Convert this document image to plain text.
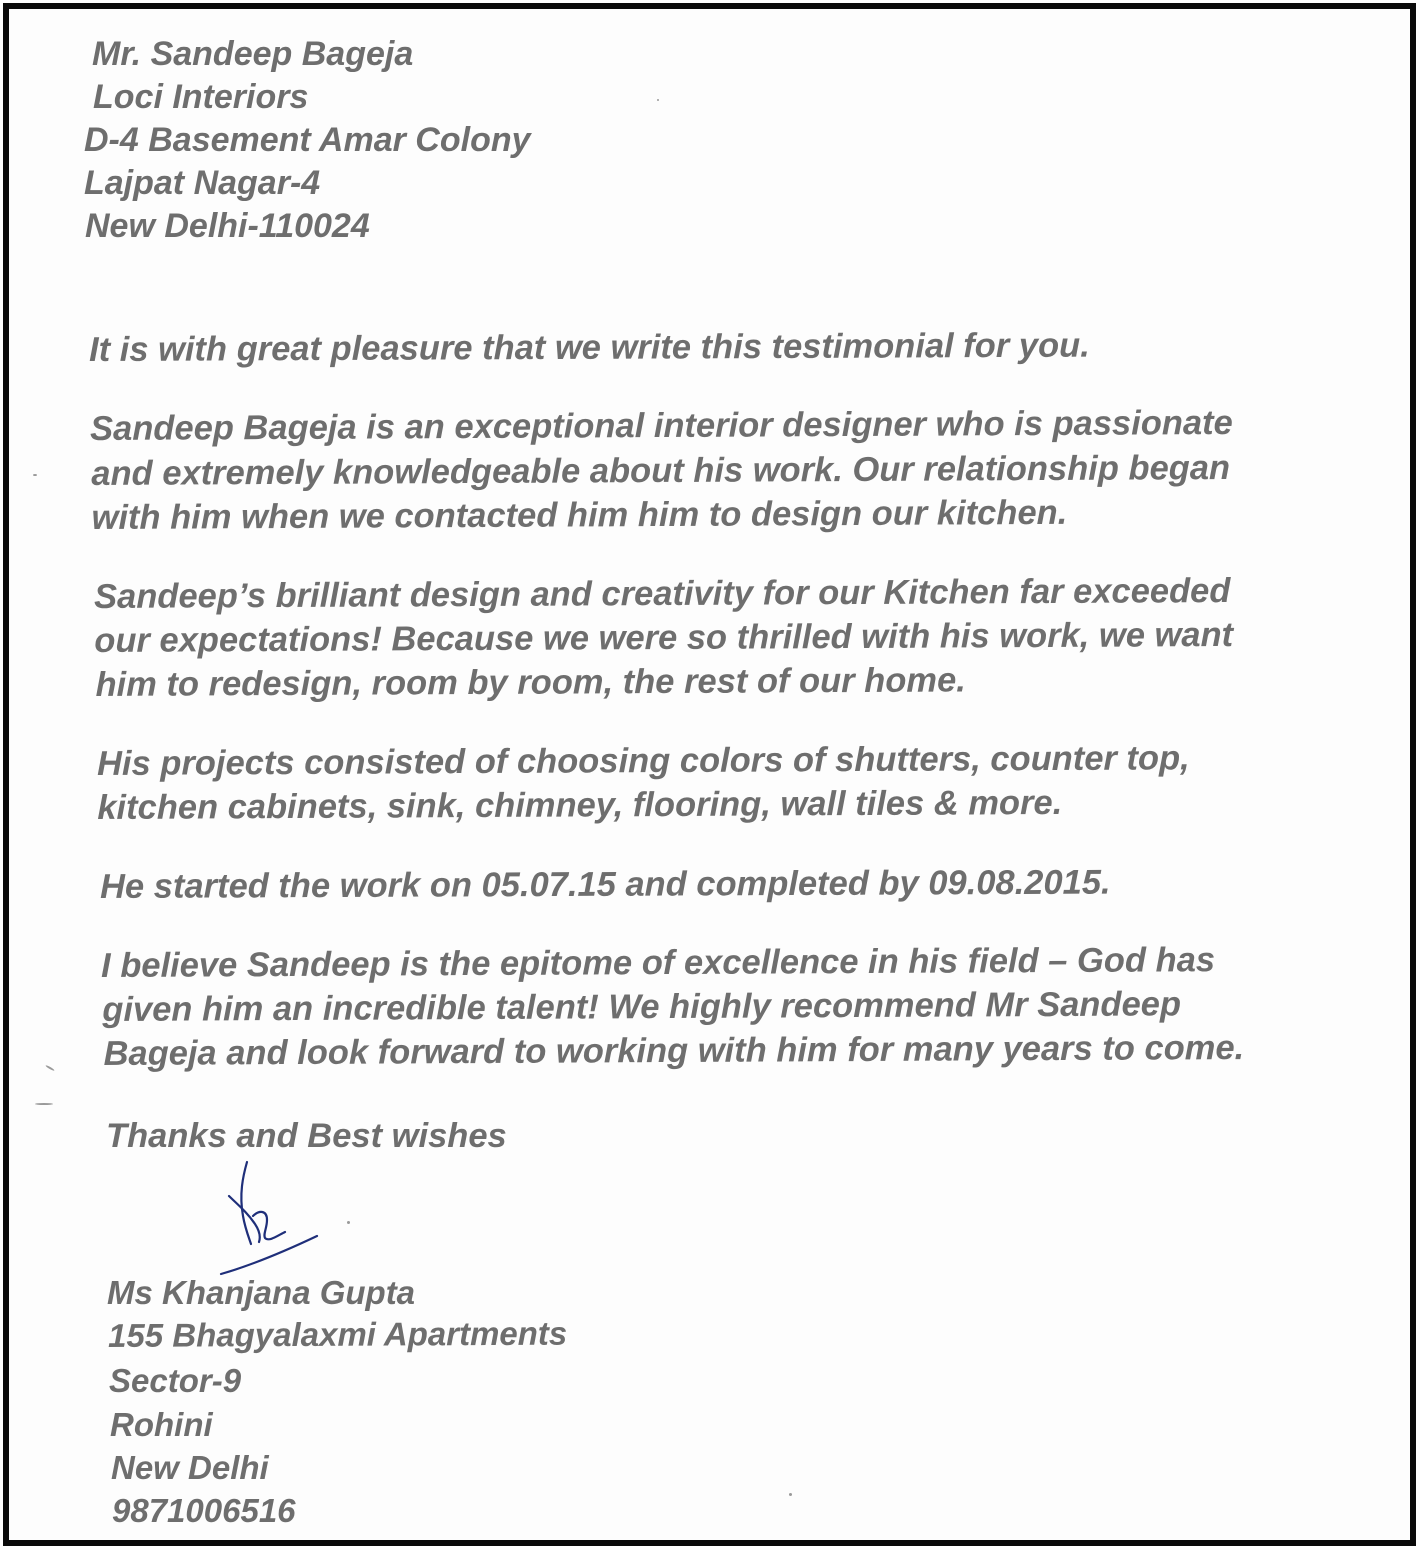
Mr. Sandeep Bageja
Loci Interiors
D-4 Basement Amar Colony
Lajpat Nagar-4
New Delhi-110024
It is with great pleasure that we write this testimonial for you.
Sandeep Bageja is an exceptional interior designer who is passionate
and extremely knowledgeable about his work. Our relationship began
with him when we contacted him him to design our kitchen.
Sandeep’s brilliant design and creativity for our Kitchen far exceeded
our expectations! Because we were so thrilled with his work, we want
him to redesign, room by room, the rest of our home.
His projects consisted of choosing colors of shutters, counter top,
kitchen cabinets, sink, chimney, flooring, wall tiles & more.
He started the work on 05.07.15 and completed by 09.08.2015.
I believe Sandeep is the epitome of excellence in his field – God has
given him an incredible talent! We highly recommend Mr Sandeep
Bageja and look forward to working with him for many years to come.
Thanks and Best wishes
Ms Khanjana Gupta
155 Bhagyalaxmi Apartments
Sector-9
Rohini
New Delhi
9871006516
